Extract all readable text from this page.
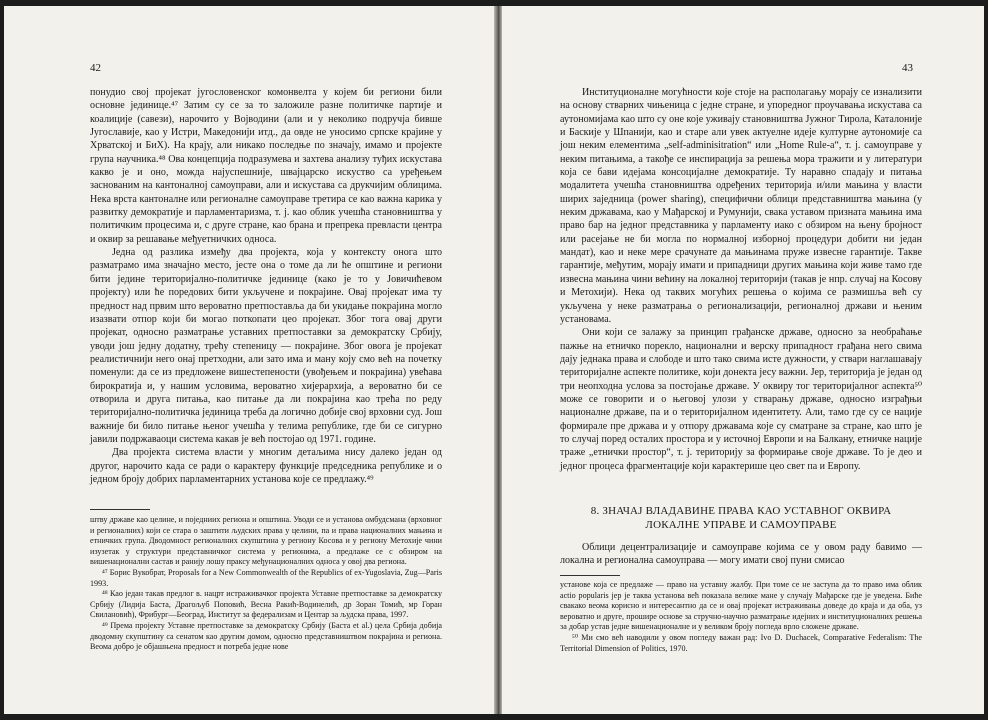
42

понудио свој пројекат југословенског комонвелта у којем би региони били основне јединице.⁴⁷ Затим су се за то заложиле разне политичке партије и коалиције (савези), нарочито у Војводини (али и у неколико подручја бивше Југославије, као у Истри, Македонији итд., да овде не уносимо српске крајине у Хрватској и БиХ). На крају, али никако последње по значају, имамо и пројекте група научника.⁴⁸ Ова концепција подразумева и захтева анализу туђих искустава какво је и оно, можда најуспешније, швајцарско искуство са уређењем заснованим на кантоналној самоуправи, али и искустава са друкчијим облицима. Нека врста кантоналне или регионалне самоуправе третира се као важна карика у развитку демократије и парламентаризма, т. ј. као облик учешћа становништва у политичким процесима и, с друге стране, као брана и препрека превласти центра и оквир за решавање међуетничких односа.

Једна од разлика између два пројекта, која у контексту онога што разматрамо има значајно место, јесте она о томе да ли ће општине и региони бити једине територијално-политичке јединице (како је то у Јовичићевом пројекту) или ће поредових бити укључене и покрајине. Овај пројекат има ту предност над првим што вероватно претпоставља да би укидање покрајина могло изазвати отпор који би могао поткопати цео пројекат. Због тога овај други пројекат, односно разматрање уставних претпоставки за демократску Србију, уводи још једну додатну, трећу степеницу — покрајине. Због овога је пројекат реалистичнији него онај претходни, али зато има и ману коју смо већ на почетку поменули: да се из предложене вишестепености (увођењем и покрајина) увећава бирократија и, у нашим условима, вероватно хијерархија, а вероватно би се отворила и друга питања, као питање да ли покрајина као трећа по реду територијално-политичка јединица треба да логично добије свој врховни суд. Још важније би било питање њеног учешћа у телима републике, где би се сигурно јавили подржаваоци система какав је већ постојао од 1971. године.

Два пројекта система власти у многим детаљима нису далеко један од другог, нарочито када се ради о карактеру функције председника републике и о једном броју добрих парламентарних установа које се предлажу.⁴⁹

штву државе као целине, и поједниих региона и општина. Уводи се и установа омбудсмана (врховног и регионалних) који се стара о заштити људских права у целини, па и права националних мањина и етничких група. Дводомност регионалних скупштина у региону Косова и у региону Метохије чини изузетак у структури представничког система у регионима, а предлаже се с обзиром на вишенационални састав и ранију лошу праксу међунационалних односа у овој два региона.

⁴⁷ Борис Вукобрат, Proposals for a New Commonwealth of the Republics of ex-Yugoslavia, Zug—Paris 1993.

⁴⁸ Као један такав предлог в. нацрт истраживачког пројекта Уставне претпоставке за демократску Србију (Лидија Баста, Драгољуб Поповић, Весна Ракић-Водинелић, др Зоран Томић, мр Горан Свилановић), Фрибург—Београд, Институт за федерализам и Центар за људска права, 1997.

⁴⁹ Према пројекту Уставне претпоставке за демократску Србију (Баста et al.) цела Србија добија дводомну скупштину са сенатом као другим домом, односно представништвом покрајина и регионa. Веома добро је објашњена предност и потреба једне нове

43

Институционалне могућности које стоје на располагању морају се изнализити на основу стварних чињеница с једне стране, и упоредног проучавања искустава са аутономијама као што су оне које уживају становништва Јужног Тирола, Каталоније и Баскије у Шпанији, као и старе али увек актуелне идеје културне аутономије са још неким елементима „self-adminisitration“ или „Home Rule-a“, т. ј. самоуправе у неким питањима, а такође се инспирација за решења мора тражити и у литератури која се бави идејама консоцијалне демократије. Ту наравно спадају и питања модалитета учешћа становништва одређених територија и/или мањина у власти ширих заједница (power sharing), специфични облици представништва мањина (у неким државама, као у Мађарској и Румунији, свака уставом призната мањина има право бар на једног представника у парламенту иако с обзиром на њену бројност или расејање не би могла по нормалној изборној процедури добити ни један мандат), као и неке мере срачунате да мањинама пруже извесне гарантије. Такве гарантије, међутим, морају имати и припадници других мањина који живе тамо где извесна мањина чини већину на локалној територији (такав је нпр. случај на Косову и Метохији). Нека од таквих могућих решења о којима се размишља већ су укључена у неке разматрања о регионализацији, регионалној држави и њеним установама.

Они који се залажу за принцип грађанске државе, односно за необраћање пажње на етничко порекло, национални и верску припадност грађана него свима дају једнака права и слободе и што тако свима исте дужности, у ствари наглашавају територијалне аспекте политике, који донекта јесу важни. Јер, територија је један од три неопходна услова за постојање државе. У оквиру тог територијалног аспекта⁵⁰ може се говорити и о његовој улози у стварању државе, односно изграђњи националне државе, па и о територијалном идентитету. Али, тамо где су се нације формирале пре држава и у отпору државама које су сматране за стране, као што је то случај поред осталих простора и у источној Европи и на Балкану, етничке нације траже „етнички простор“, т. ј. територију за формирање своје државе. То је део и једног процеса фрагментације који карактерише цео свет па и Европу.

8. ЗНАЧАЈ ВЛАДАВИНЕ ПРАВА КАО УСТАВНОГ ОКВИРА
ЛОКАЛНЕ УПРАВЕ И САМОУПРАВЕ

Облици децентрализације и самоуправе којима се у овом раду бавимо — локална и регионална самоуправа — могу имати свој пуни смисао

установе која се предлаже — право на уставну жалбу. При томе се не заступа да то право има облик actio popularis јер је таква установа већ показала велике мане у случају Мађарске где је уведена. Биће свакако веома корисно и интересантно да се и овај пројекат истраживања доведе до краја и да оба, уз вероватно и друге, прошире основе за стручно-научно разматрање идејних и институционалних решења за добар устав једне вишенационалне и у великом броју погледа врло сложене државе.

⁵⁰ Ми смо већ наводили у овом погледу важан рад: Ivo D. Duchacek, Comparative Federalism: The Territorial Dimension of Politics, 1970.
